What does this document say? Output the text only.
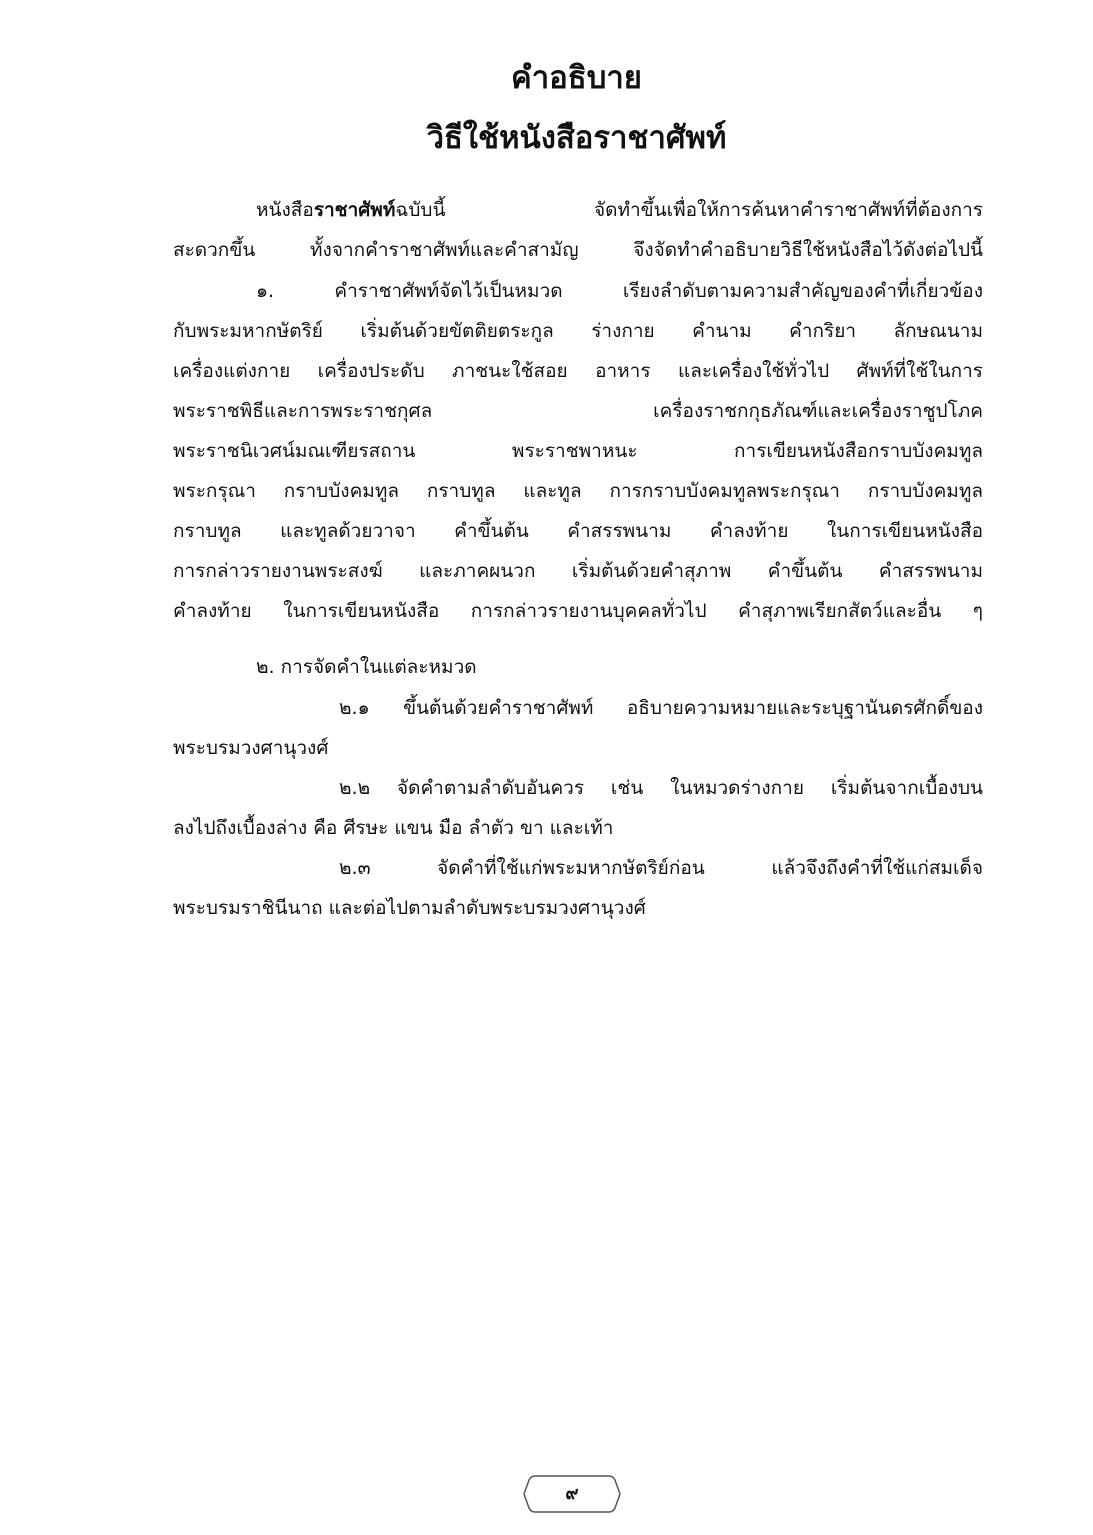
คำอธิบาย
วิธีใช้หนังสือราชาศัพท์

หนังสือราชาศัพท์ฉบับนี้ จัดทำขึ้นเพื่อให้การค้นหาคำราชาศัพท์ที่ต้องการ

สะดวกขึ้น ทั้งจากคำราชาศัพท์และคำสามัญ จึงจัดทำคำอธิบายวิธีใช้หนังสือไว้ดังต่อไปนี้

๑. คำราชาศัพท์จัดไว้เป็นหมวด เรียงลำดับตามความสำคัญของคำที่เกี่ยวข้อง

กับพระมหากษัตริย์ เริ่มต้นด้วยขัตติยตระกูล ร่างกาย คำนาม คำกริยา ลักษณนาม

เครื่องแต่งกาย เครื่องประดับ ภาชนะใช้สอย อาหาร และเครื่องใช้ทั่วไป ศัพท์ที่ใช้ในการ

พระราชพิธีและการพระราชกุศล เครื่องราชกกุธภัณฑ์และเครื่องราชูปโภค

พระราชนิเวศน์มณเฑียรสถาน พระราชพาหนะ การเขียนหนังสือกราบบังคมทูล

พระกรุณา กราบบังคมทูล กราบทูล และทูล การกราบบังคมทูลพระกรุณา กราบบังคมทูล

กราบทูล และทูลด้วยวาจา คำขึ้นต้น คำสรรพนาม คำลงท้าย ในการเขียนหนังสือ

การกล่าวรายงานพระสงฆ์ และภาคผนวก เริ่มต้นด้วยคำสุภาพ คำขึ้นต้น คำสรรพนาม

คำลงท้าย ในการเขียนหนังสือ การกล่าวรายงานบุคคลทั่วไป คำสุภาพเรียกสัตว์และอื่น ๆ

๒. การจัดคำในแต่ละหมวด

๒.๑ ขึ้นต้นด้วยคำราชาศัพท์ อธิบายความหมายและระบุฐานันดรศักดิ์ของ

พระบรมวงศานุวงศ์

๒.๒ จัดคำตามลำดับอันควร เช่น ในหมวดร่างกาย เริ่มต้นจากเบื้องบน

ลงไปถึงเบื้องล่าง คือ ศีรษะ แขน มือ ลำตัว ขา และเท้า

๒.๓ จัดคำที่ใช้แก่พระมหากษัตริย์ก่อน แล้วจึงถึงคำที่ใช้แก่สมเด็จ

พระบรมราชินีนาถ และต่อไปตามลำดับพระบรมวงศานุวงศ์

๙
